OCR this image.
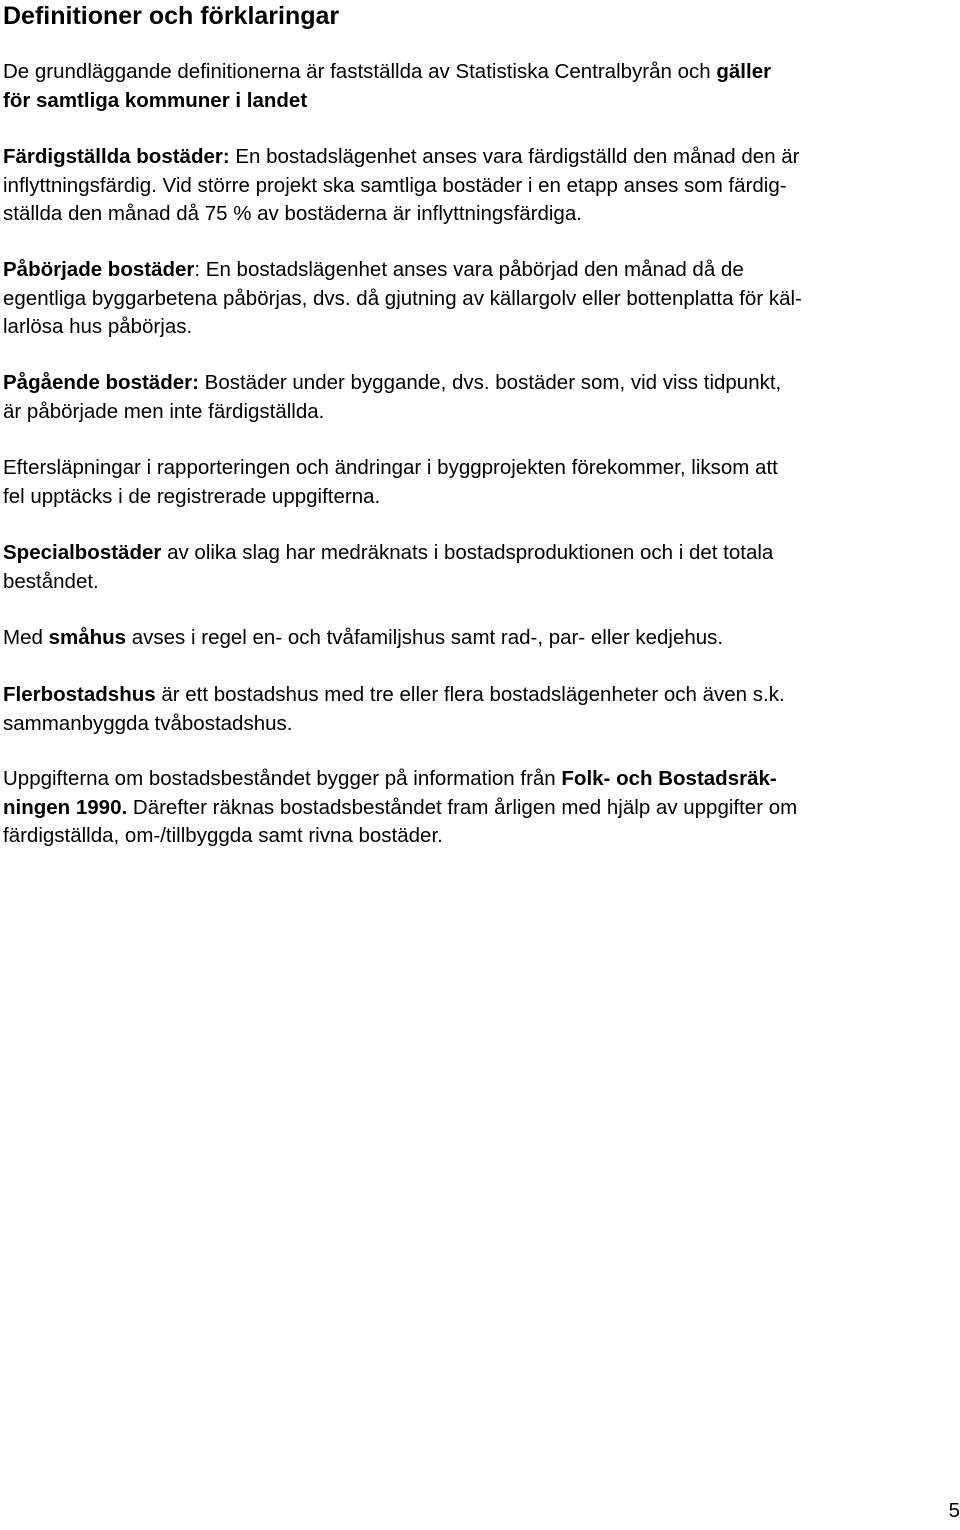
Definitioner och förklaringar

De grundläggande definitionerna är fastställda av Statistiska Centralbyrån och gäller
för samtliga kommuner i landet

Färdigställda bostäder: En bostadslägenhet anses vara färdigställd den månad den är
inflyttningsfärdig. Vid större projekt ska samtliga bostäder i en etapp anses som färdig-
ställda den månad då 75 % av bostäderna är inflyttningsfärdiga.

Påbörjade bostäder: En bostadslägenhet anses vara påbörjad den månad då de
egentliga byggarbetena påbörjas, dvs. då gjutning av källargolv eller bottenplatta för käl-
larlösa hus påbörjas.

Pågående bostäder: Bostäder under byggande, dvs. bostäder som, vid viss tidpunkt,
är påbörjade men inte färdigställda.

Eftersläpningar i rapporteringen och ändringar i byggprojekten förekommer, liksom att
fel upptäcks i de registrerade uppgifterna.

Specialbostäder av olika slag har medräknats i bostadsproduktionen och i det totala
beståndet.

Med småhus avses i regel en- och tvåfamiljshus samt rad-, par- eller kedjehus.

Flerbostadshus är ett bostadshus med tre eller flera bostadslägenheter och även s.k.
sammanbyggda tvåbostadshus.

Uppgifterna om bostadsbeståndet bygger på information från Folk- och Bostadsräk-
ningen 1990. Därefter räknas bostadsbeståndet fram årligen med hjälp av uppgifter om
färdigställda, om-/tillbyggda samt rivna bostäder.

5
